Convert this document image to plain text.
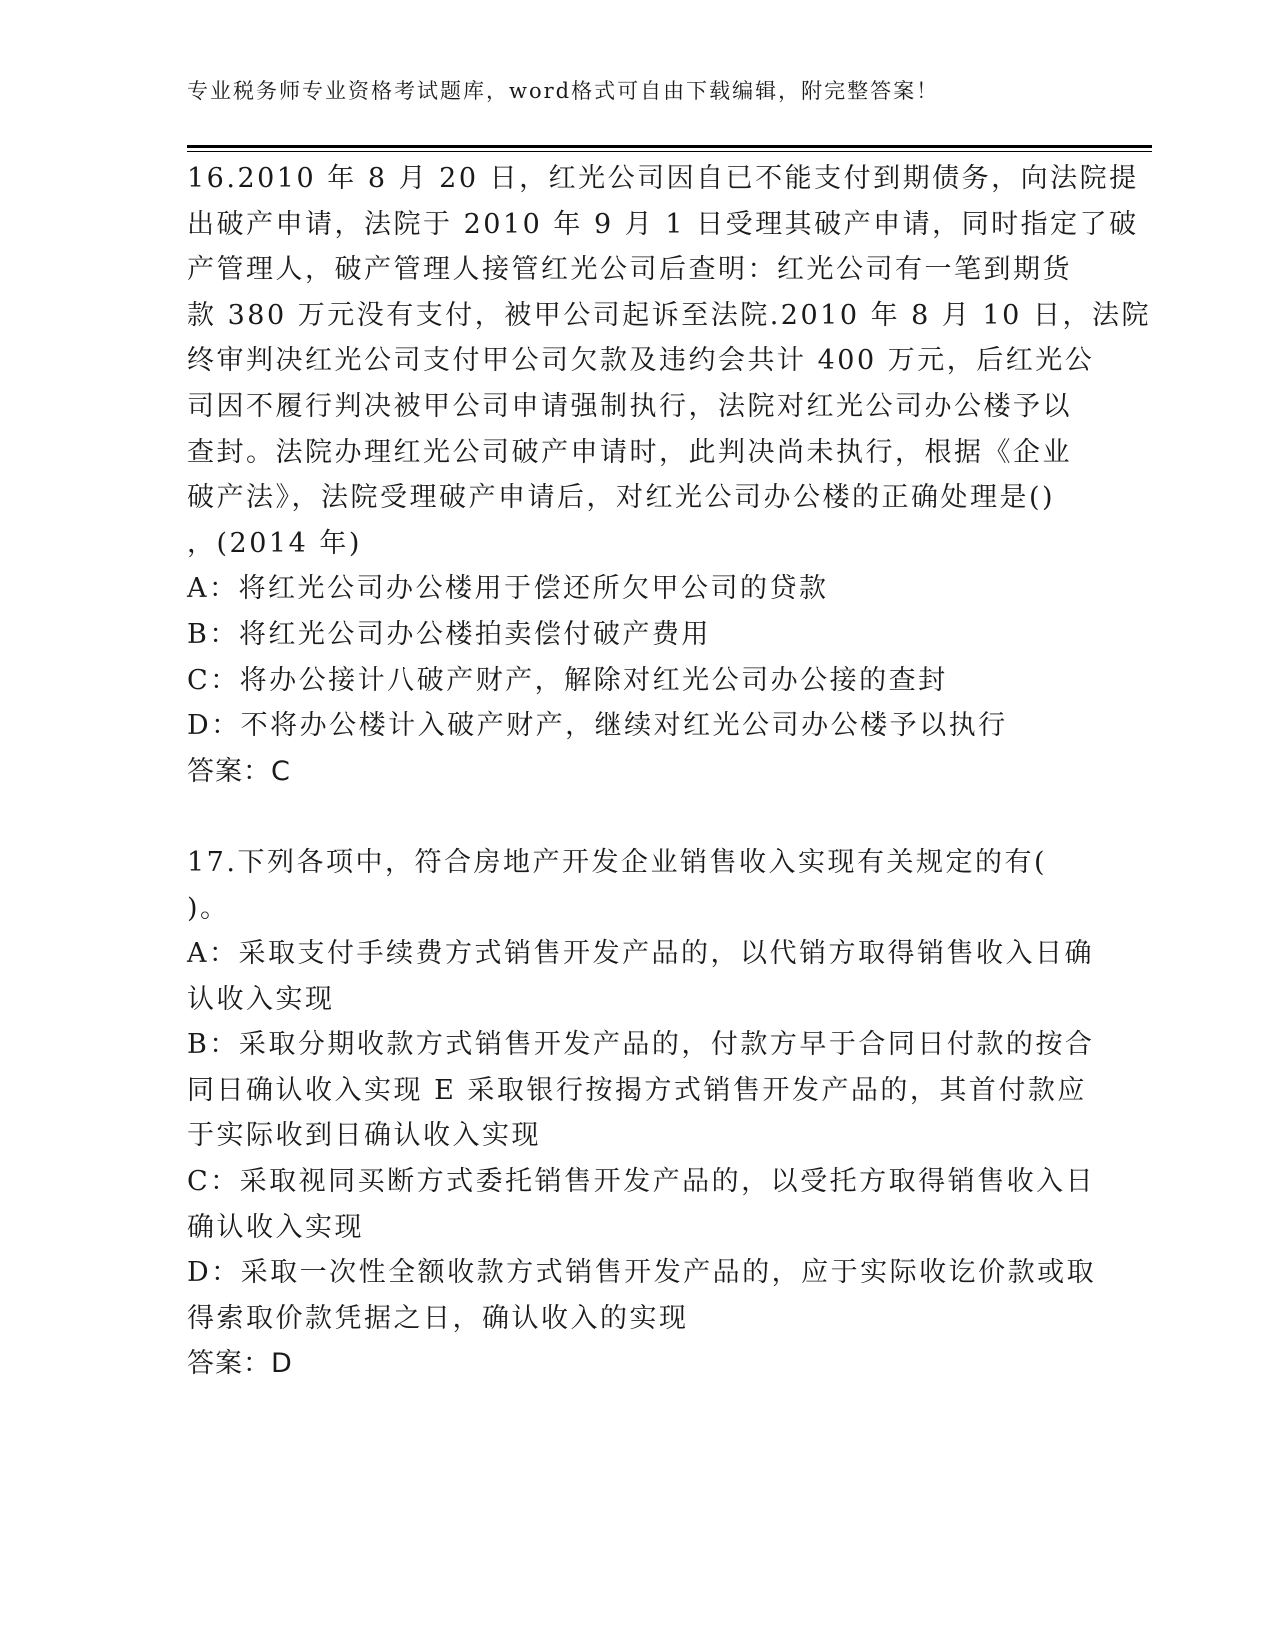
专业税务师专业资格考试题库，word格式可自由下载编辑，附完整答案！
16.2010 年 8 月 20 日，红光公司因自已不能支付到期债务，向法院提
出破产申请，法院于 2010 年 9 月 1 日受理其破产申请，同时指定了破
产管理人，破产管理人接管红光公司后查明：红光公司有一笔到期货
款 380 万元没有支付，被甲公司起诉至法院.2010 年 8 月 10 日，法院
终审判决红光公司支付甲公司欠款及违约会共计 400 万元，后红光公
司因不履行判决被甲公司申请强制执行，法院对红光公司办公楼予以
查封。法院办理红光公司破产申请时，此判决尚未执行，根据《企业
破产法》，法院受理破产申请后，对红光公司办公楼的正确处理是()
，(2014 年)
A：将红光公司办公楼用于偿还所欠甲公司的贷款
B：将红光公司办公楼拍卖偿付破产费用
C：将办公接计八破产财产，解除对红光公司办公接的查封
D：不将办公楼计入破产财产，继续对红光公司办公楼予以执行
答案：C
17.下列各项中，符合房地产开发企业销售收入实现有关规定的有(
)。
A：采取支付手续费方式销售开发产品的，以代销方取得销售收入日确
认收入实现
B：采取分期收款方式销售开发产品的，付款方早于合同日付款的按合
同日确认收入实现 E 采取银行按揭方式销售开发产品的，其首付款应
于实际收到日确认收入实现
C：采取视同买断方式委托销售开发产品的，以受托方取得销售收入日
确认收入实现
D：采取一次性全额收款方式销售开发产品的，应于实际收讫价款或取
得索取价款凭据之日，确认收入的实现
答案：D
